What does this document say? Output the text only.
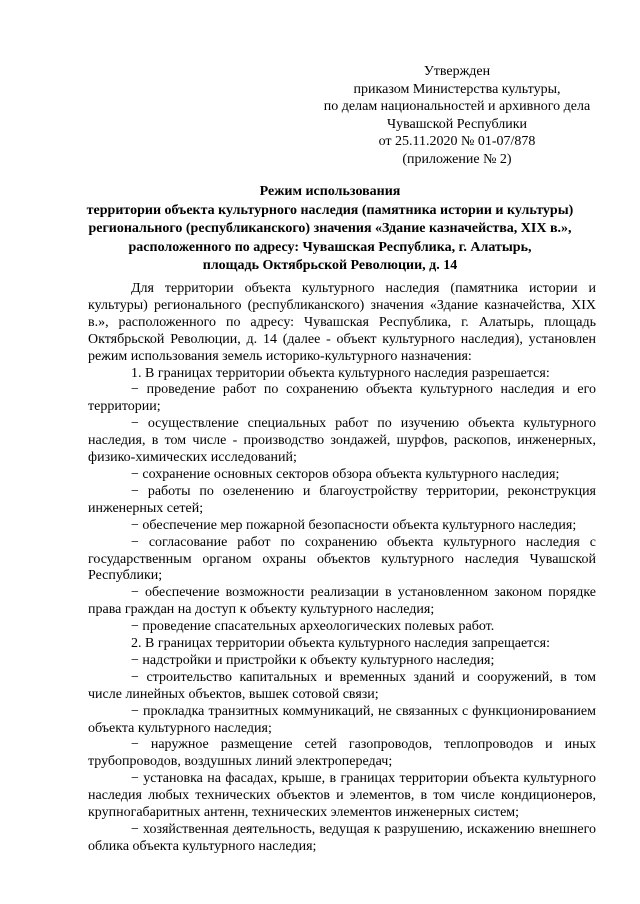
Утвержден
приказом Министерства культуры,
по делам национальностей и архивного дела
Чувашской Республики
от 25.11.2020 № 01-07/878
(приложение № 2)
Режим использования
территории объекта культурного наследия (памятника истории и культуры)
регионального (республиканского) значения «Здание казначейства, XIX в.»,
расположенного по адресу: Чувашская Республика, г. Алатырь,
площадь Октябрьской Революции, д. 14

Для территории объекта культурного наследия (памятника истории и культуры) регионального (республиканского) значения «Здание казначейства, XIX в.», расположенного по адресу: Чувашская Республика, г. Алатырь, площадь Октябрьской Революции, д. 14 (далее - объект культурного наследия), установлен режим использования земель историко-культурного назначения:

1. В границах территории объекта культурного наследия разрешается:

− проведение работ по сохранению объекта культурного наследия и его территории;

− осуществление специальных работ по изучению объекта культурного наследия, в том числе - производство зондажей, шурфов, раскопов, инженерных, физико-химических исследований;

− сохранение основных секторов обзора объекта культурного наследия;

− работы по озеленению и благоустройству территории, реконструкция инженерных сетей;

− обеспечение мер пожарной безопасности объекта культурного наследия;

− согласование работ по сохранению объекта культурного наследия с государственным органом охраны объектов культурного наследия Чувашской Республики;

− обеспечение возможности реализации в установленном законом порядке права граждан на доступ к объекту культурного наследия;

− проведение спасательных археологических полевых работ.

2. В границах территории объекта культурного наследия запрещается:

− надстройки и пристройки к объекту культурного наследия;

− строительство капитальных и временных зданий и сооружений, в том числе линейных объектов, вышек сотовой связи;

− прокладка транзитных коммуникаций, не связанных с функционированием объекта культурного наследия;

− наружное размещение сетей газопроводов, теплопроводов и иных трубопроводов, воздушных линий электропередач;

− установка на фасадах, крыше, в границах территории объекта культурного наследия любых технических объектов и элементов, в том числе кондиционеров, крупногабаритных антенн, технических элементов инженерных систем;

− хозяйственная деятельность, ведущая к разрушению, искажению внешнего облика объекта культурного наследия;
